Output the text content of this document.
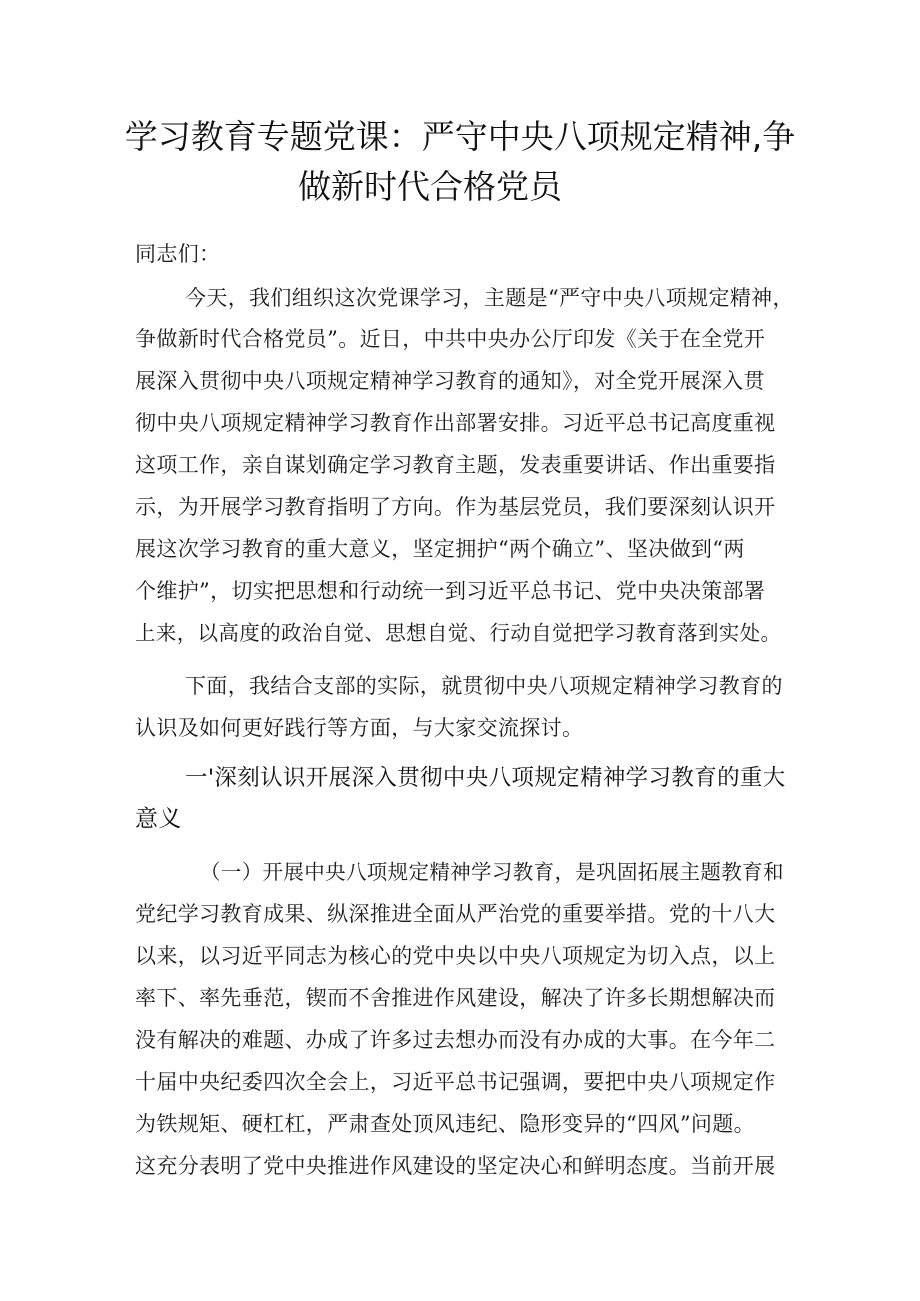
学习教育专题党课：严守中央八项规定精神,争
做新时代合格党员
同志们：
今天，我们组织这次党课学习，主题是“严守中央八项规定精神，
争做新时代合格党员”。近日，中共中央办公厅印发《关于在全党开
展深入贯彻中央八项规定精神学习教育的通知》，对全党开展深入贯
彻中央八项规定精神学习教育作出部署安排。习近平总书记高度重视
这项工作，亲自谋划确定学习教育主题，发表重要讲话、作出重要指
示，为开展学习教育指明了方向。作为基层党员，我们要深刻认识开
展这次学习教育的重大意义，坚定拥护“两个确立”、坚决做到“两
个维护”，切实把思想和行动统一到习近平总书记、党中央决策部署
上来，以高度的政治自觉、思想自觉、行动自觉把学习教育落到实处。
下面，我结合支部的实际，就贯彻中央八项规定精神学习教育的
认识及如何更好践行等方面，与大家交流探讨。
一'深刻认识开展深入贯彻中央八项规定精神学习教育的重大
意义
（一）开展中央八项规定精神学习教育，是巩固拓展主题教育和
党纪学习教育成果、纵深推进全面从严治党的重要举措。党的十八大
以来，以习近平同志为核心的党中央以中央八项规定为切入点，以上
率下、率先垂范，锲而不舍推进作风建设，解决了许多长期想解决而
没有解决的难题、办成了许多过去想办而没有办成的大事。在今年二
十届中央纪委四次全会上，习近平总书记强调，要把中央八项规定作
为铁规矩、硬杠杠，严肃查处顶风违纪、隐形变异的“四风”问题。
这充分表明了党中央推进作风建设的坚定决心和鲜明态度。当前开展
